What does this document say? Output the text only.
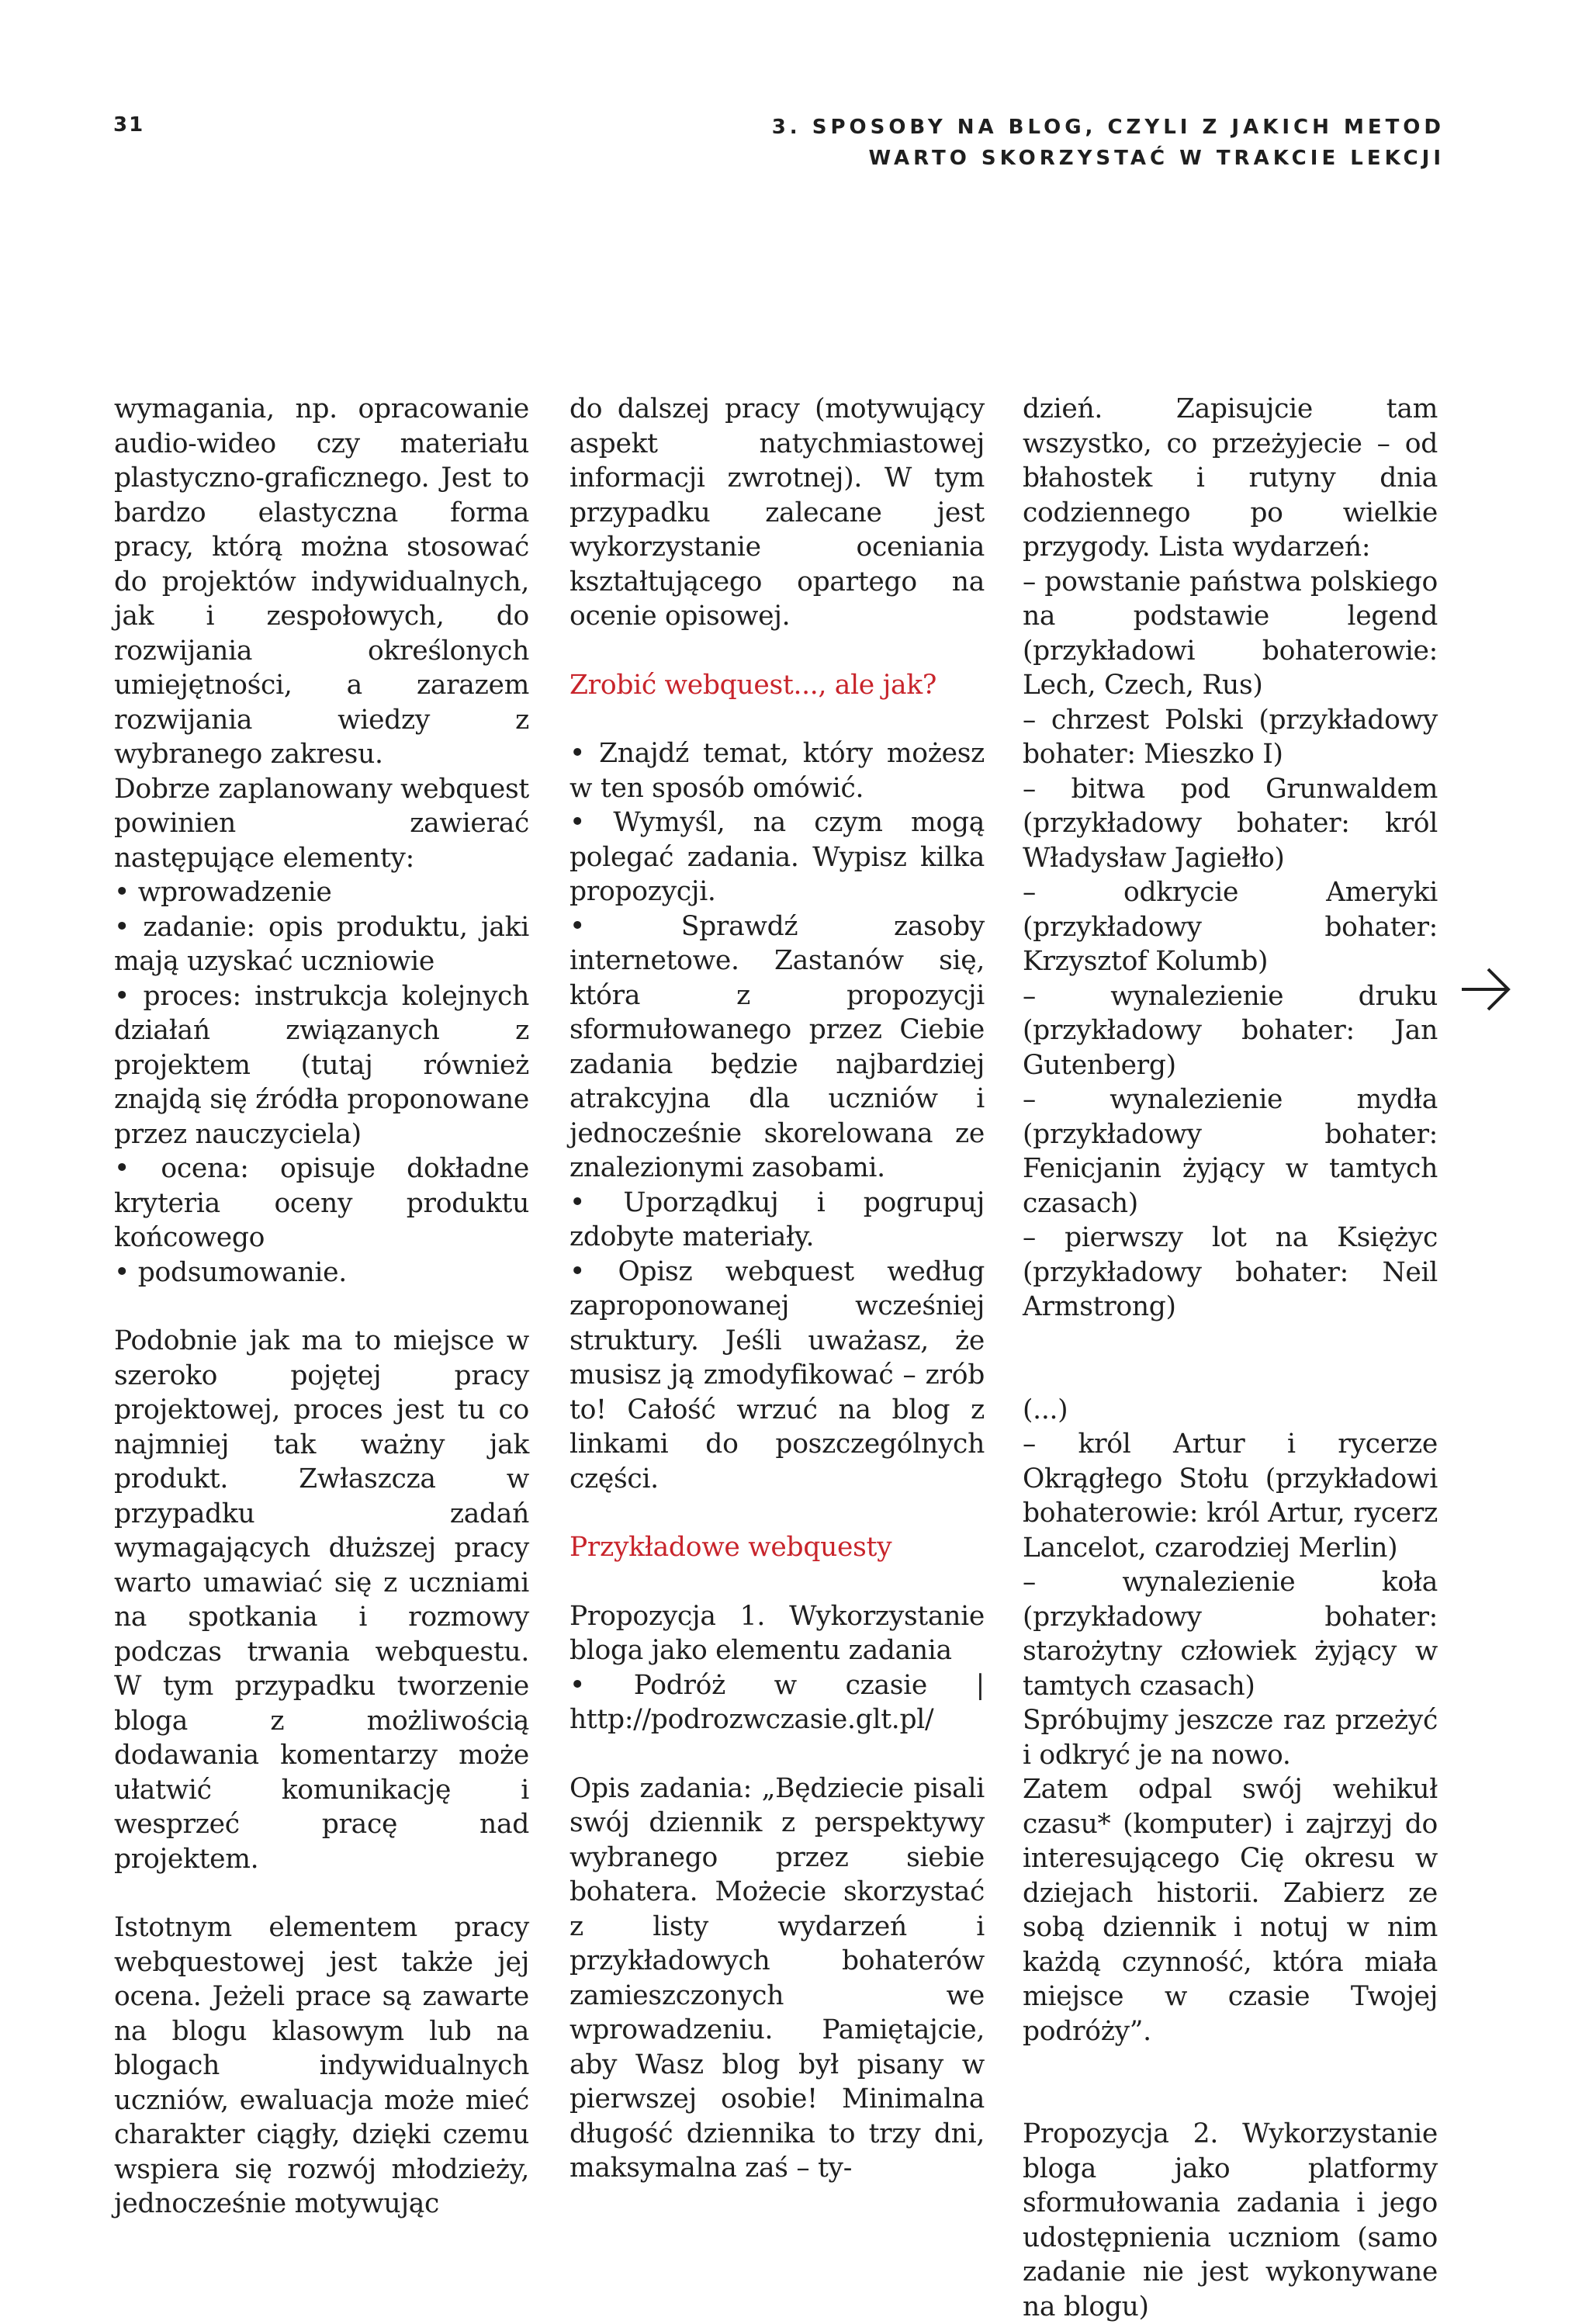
31	3. SPOSOBY NA BLOG, CZYLI Z JAKICH METOD
WARTO SKORZYSTAĆ W TRAKCIE LEKCJI

wymagania, np. opracowanie audio-wideo czy materiału plastyczno-graficznego. Jest to bardzo elastyczna forma pracy, którą można stosować do projektów indywidualnych, jak i zespołowych, do rozwijania określonych umiejętności, a zarazem rozwijania wiedzy z wybranego zakresu.

Dobrze zaplanowany webquest powinien zawierać następujące elementy:
• wprowadzenie
• zadanie: opis produktu, jaki mają uzyskać uczniowie
• proces: instrukcja kolejnych działań związanych z projektem (tutaj również znajdą się źródła proponowane przez nauczyciela)
• ocena: opisuje dokładne kryteria oceny produktu końcowego
• podsumowanie.

Podobnie jak ma to miejsce w szeroko pojętej pracy projektowej, proces jest tu co najmniej tak ważny jak produkt. Zwłaszcza w przypadku zadań wymagających dłuższej pracy warto umawiać się z uczniami na spotkania i rozmowy podczas trwania webquestu. W tym przypadku tworzenie bloga z możliwością dodawania komentarzy może ułatwić komunikację i wesprzeć pracę nad projektem.

Istotnym elementem pracy webquestowej jest także jej ocena. Jeżeli prace są zawarte na blogu klasowym lub na blogach indywidualnych uczniów, ewaluacja może mieć charakter ciągły, dzięki czemu wspiera się rozwój młodzieży, jednocześnie motywując

do dalszej pracy (motywujący aspekt natychmiastowej informacji zwrotnej). W tym przypadku zalecane jest wykorzystanie oceniania kształtującego opartego na ocenie opisowej.

Zrobić webquest..., ale jak?

• Znajdź temat, który możesz w ten sposób omówić.
• Wymyśl, na czym mogą polegać zadania. Wypisz kilka propozycji.
• Sprawdź zasoby internetowe. Zastanów się, która z propozycji sformułowanego przez Ciebie zadania będzie najbardziej atrakcyjna dla uczniów i jednocześnie skorelowana ze znalezionymi zasobami.
• Uporządkuj i pogrupuj zdobyte materiały.
• Opisz webquest według zaproponowanej wcześniej struktury. Jeśli uważasz, że musisz ją zmodyfikować – zrób to! Całość wrzuć na blog z linkami do poszczególnych części.

Przykładowe webquesty

Propozycja 1. Wykorzystanie bloga jako elementu zadania
• Podróż w czasie | http://podrozwczasie.glt.pl/

Opis zadania: „Będziecie pisali swój dziennik z perspektywy wybranego przez siebie bohatera. Możecie skorzystać z listy wydarzeń i przykładowych bohaterów zamieszczonych we wprowadzeniu. Pamiętajcie, aby Wasz blog był pisany w pierwszej osobie! Minimalna długość dziennika to trzy dni, maksymalna zaś – ty-

dzień. Zapisujcie tam wszystko, co przeżyjecie – od błahostek i rutyny dnia codziennego po wielkie przygody. Lista wydarzeń:
– powstanie państwa polskiego na podstawie legend (przykładowi bohaterowie: Lech, Czech, Rus)
– chrzest Polski (przykładowy bohater: Mieszko I)
– bitwa pod Grunwaldem (przykładowy bohater: król Władysław Jagiełło)
– odkrycie Ameryki (przykładowy bohater: Krzysztof Kolumb)
– wynalezienie druku (przykładowy bohater: Jan Gutenberg)
– wynalezienie mydła (przykładowy bohater: Fenicjanin żyjący w tamtych czasach)
– pierwszy lot na Księżyc (przykładowy bohater: Neil Armstrong)

(...)
– król Artur i rycerze Okrągłego Stołu (przykładowi bohaterowie: król Artur, rycerz Lancelot, czarodziej Merlin)
– wynalezienie koła (przykładowy bohater: starożytny człowiek żyjący w tamtych czasach)
Spróbujmy jeszcze raz przeżyć i odkryć je na nowo.
Zatem odpal swój wehikuł czasu* (komputer) i zajrzyj do interesującego Cię okresu w dziejach historii. Zabierz ze sobą dziennik i notuj w nim każdą czynność, która miała miejsce w czasie Twojej podróży”.

Propozycja 2. Wykorzystanie bloga jako platformy sformułowania zadania i jego udostępnienia uczniom (samo zadanie nie jest wykonywane na blogu)
